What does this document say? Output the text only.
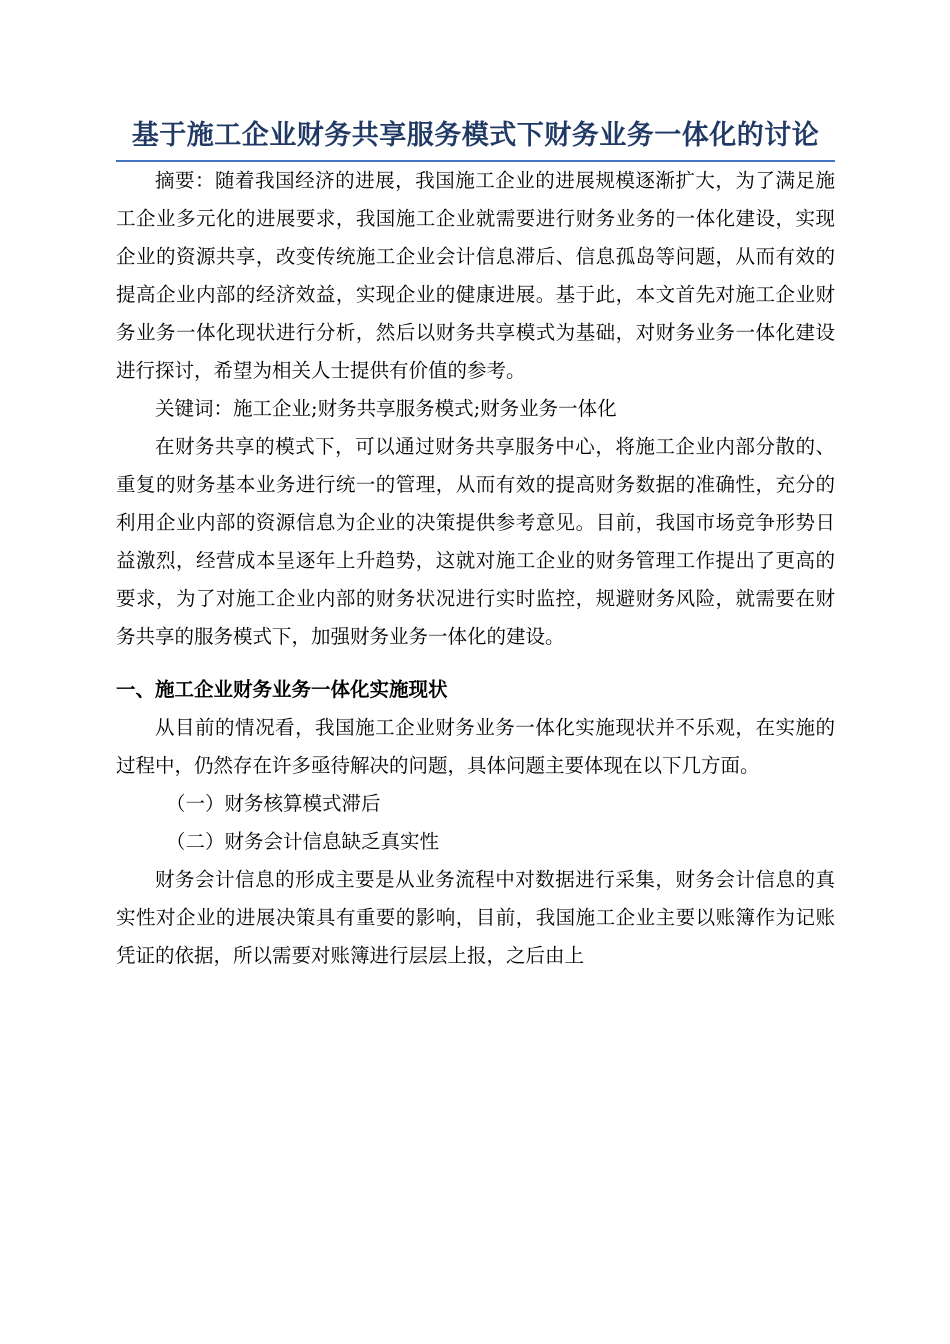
基于施工企业财务共享服务模式下财务业务一体化的讨论

摘要：随着我国经济的进展，我国施工企业的进展规模逐渐扩大，为了满足施工企业多元化的进展要求，我国施工企业就需要进行财务业务的一体化建设，实现企业的资源共享，改变传统施工企业会计信息滞后、信息孤岛等问题，从而有效的提高企业内部的经济效益，实现企业的健康进展。基于此，本文首先对施工企业财务业务一体化现状进行分析，然后以财务共享模式为基础，对财务业务一体化建设进行探讨，希望为相关人士提供有价值的参考。

关键词：施工企业;财务共享服务模式;财务业务一体化

在财务共享的模式下，可以通过财务共享服务中心，将施工企业内部分散的、重复的财务基本业务进行统一的管理，从而有效的提高财务数据的准确性，充分的利用企业内部的资源信息为企业的决策提供参考意见。目前，我国市场竞争形势日益激烈，经营成本呈逐年上升趋势，这就对施工企业的财务管理工作提出了更高的要求，为了对施工企业内部的财务状况进行实时监控，规避财务风险，就需要在财务共享的服务模式下，加强财务业务一体化的建设。

一、施工企业财务业务一体化实施现状

从目前的情况看，我国施工企业财务业务一体化实施现状并不乐观，在实施的过程中，仍然存在许多亟待解决的问题，具体问题主要体现在以下几方面。

（一）财务核算模式滞后

（二）财务会计信息缺乏真实性

财务会计信息的形成主要是从业务流程中对数据进行采集，财务会计信息的真实性对企业的进展决策具有重要的影响，目前，我国施工企业主要以账簿作为记账凭证的依据，所以需要对账簿进行层层上报，之后由上
